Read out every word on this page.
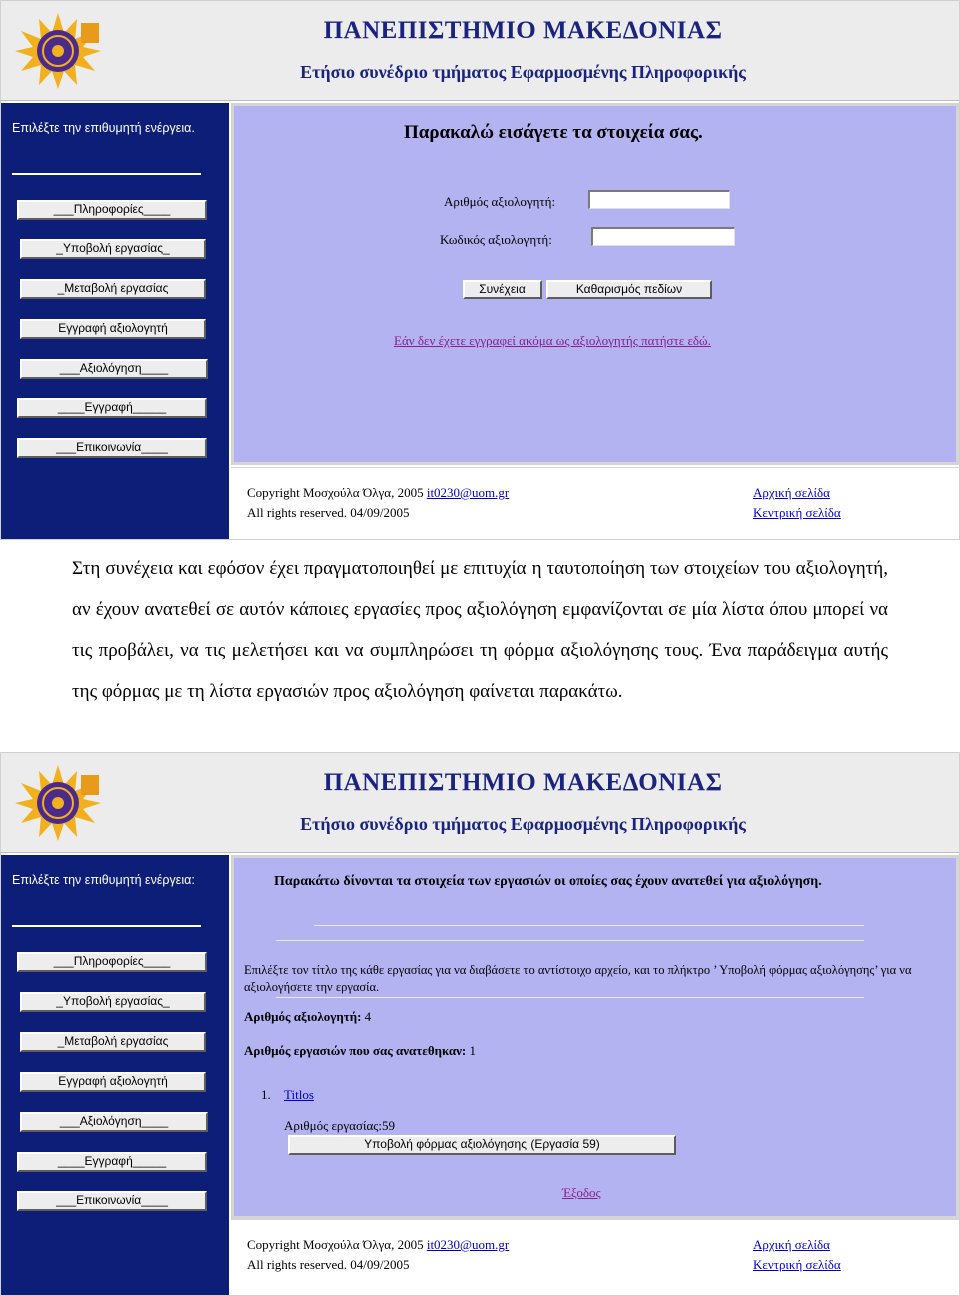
ΠΑΝΕΠΙΣΤΗΜΙΟ ΜΑΚΕΔΟΝΙΑΣ
Ετήσιο συνέδριο τμήματος Εφαρμοσμένης Πληροφορικής
Επιλέξτε την επιθυμητή ενέργεια.
___Πληροφορίες____
_Υποβολή εργασίας_
_Μεταβολή εργασίας
Εγγραφή αξιολογητή
___Αξιολόγηση____
____Εγγραφή_____
___Επικοινωνία____
Παρακαλώ εισάγετε τα στοιχεία σας.
Αριθμός αξιολογητή:
Κωδικός αξιολογητή:
Συνέχεια	Καθαρισμός πεδίων
Εάν δεν έχετε εγγραφεί ακόμα ως αξιολογητής πατήστε εδώ.
Copyright Μοσχούλα Όλγα, 2005 it0230@uom.gr
All rights reserved. 04/09/2005
Αρχική σελίδα
Κεντρική σελίδα
Στη συνέχεια και εφόσον έχει πραγματοποιηθεί με επιτυχία η ταυτοποίηση των στοιχείων του αξιολογητή, αν έχουν ανατεθεί σε αυτόν κάποιες εργασίες προς αξιολόγηση εμφανίζονται σε μία λίστα όπου μπορεί να τις προβάλει, να τις μελετήσει και να συμπληρώσει τη φόρμα αξιολόγησης τους. Ένα παράδειγμα αυτής της φόρμας με τη λίστα εργασιών προς αξιολόγηση φαίνεται παρακάτω.
ΠΑΝΕΠΙΣΤΗΜΙΟ ΜΑΚΕΔΟΝΙΑΣ
Ετήσιο συνέδριο τμήματος Εφαρμοσμένης Πληροφορικής
Επιλέξτε την επιθυμητή ενέργεια:
___Πληροφορίες____
_Υποβολή εργασίας_
_Μεταβολή εργασίας
Εγγραφή αξιολογητή
___Αξιολόγηση____
____Εγγραφή_____
___Επικοινωνία____
Παρακάτω δίνονται τα στοιχεία των εργασιών οι οποίες σας έχουν ανατεθεί για αξιολόγηση.
Επιλέξτε τον τίτλο της κάθε εργασίας για να διαβάσετε το αντίστοιχο αρχείο, και το πλήκτρο ’ Υποβολή φόρμας αξιολόγησης’ για να αξιολογήσετε την εργασία.
Αριθμός αξιολογητή: 4
Αριθμός εργασιών που σας ανατεθηκαν: 1
1. Titlos
Αριθμός εργασίας:59
Υποβολή φόρμας αξιολόγησης (Εργασία 59)
Έξοδος
Copyright Μοσχούλα Όλγα, 2005 it0230@uom.gr
All rights reserved. 04/09/2005
Αρχική σελίδα
Κεντρική σελίδα
